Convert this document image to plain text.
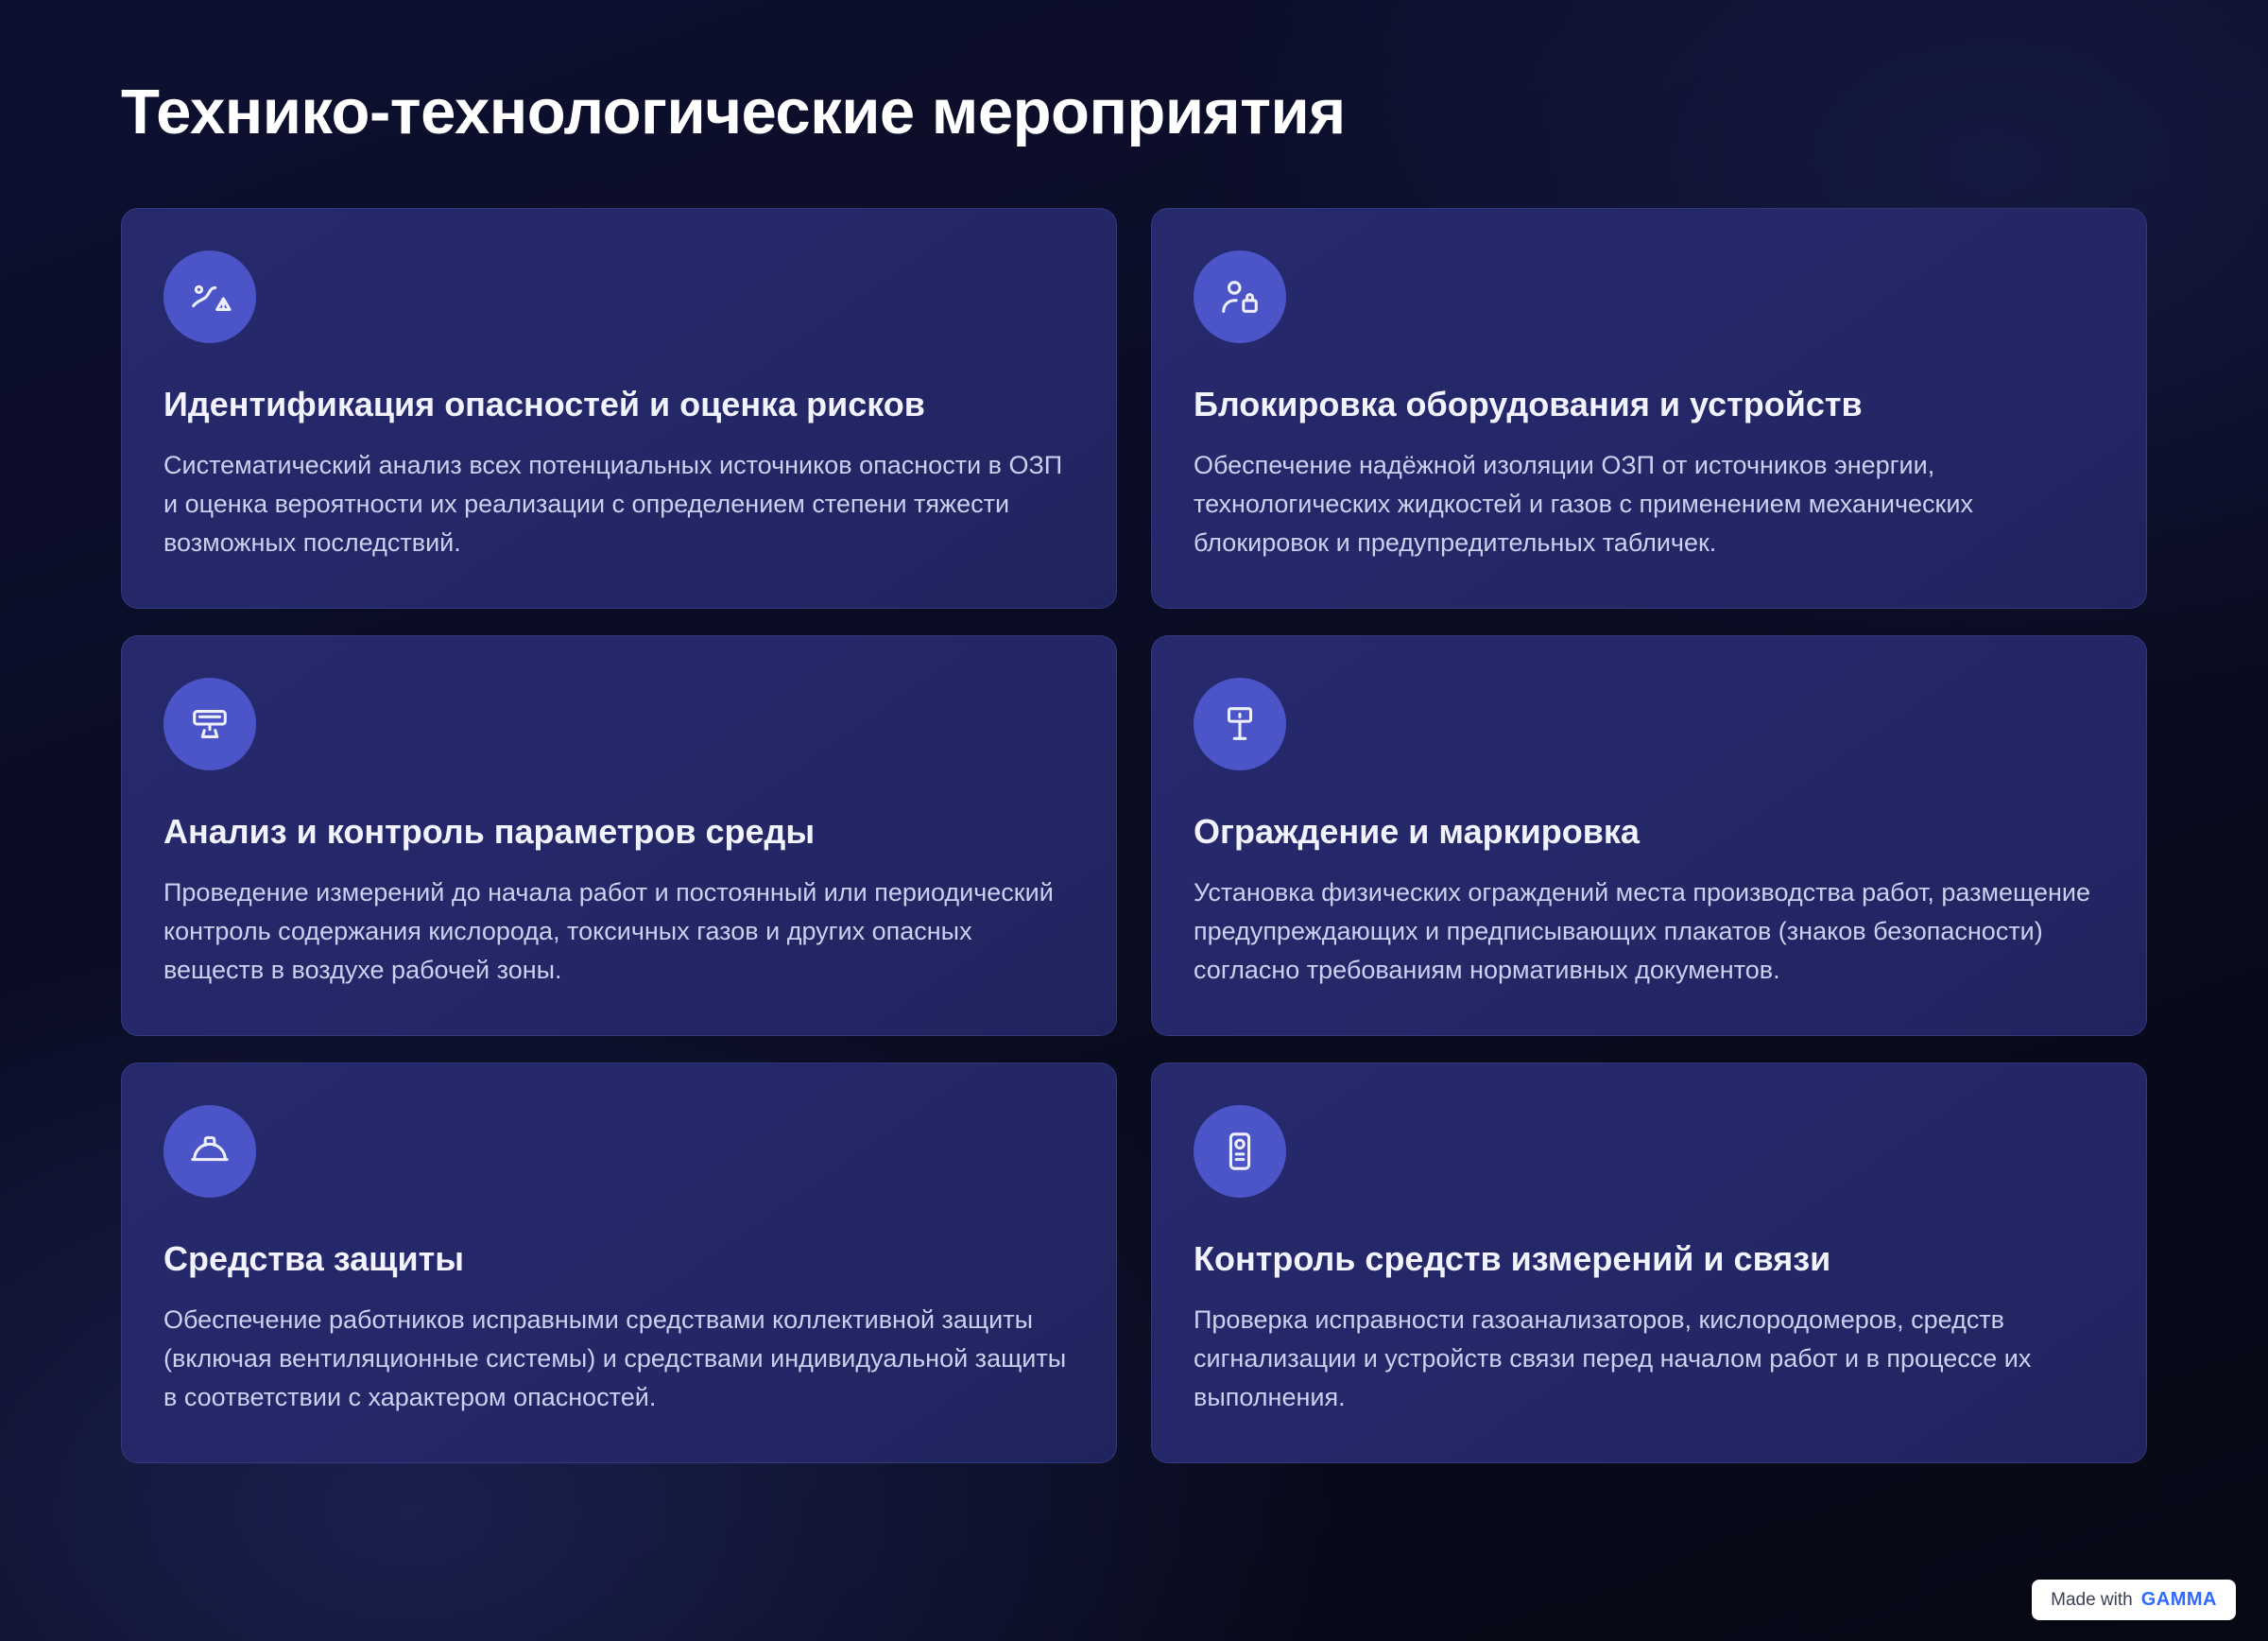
Технико-технологические мероприятия
Идентификация опасностей и оценка рисков

Систематический анализ всех потенциальных источников опасности в ОЗП и оценка вероятности их реализации с определением степени тяжести возможных последствий.

Блокировка оборудования и устройств

Обеспечение надёжной изоляции ОЗП от источников энергии, технологических жидкостей и газов с применением механических блокировок и предупредительных табличек.

Анализ и контроль параметров среды

Проведение измерений до начала работ и постоянный или периодический контроль содержания кислорода, токсичных газов и других опасных веществ в воздухе рабочей зоны.

Ограждение и маркировка

Установка физических ограждений места производства работ, размещение предупреждающих и предписывающих плакатов (знаков безопасности) согласно требованиям нормативных документов.

Средства защиты

Обеспечение работников исправными средствами коллективной защиты (включая вентиляционные системы) и средствами индивидуальной защиты в соответствии с характером опасностей.

Контроль средств измерений и связи

Проверка исправности газоанализаторов, кислородомеров, средств сигнализации и устройств связи перед началом работ и в процессе их выполнения.

Made with GAMMA
